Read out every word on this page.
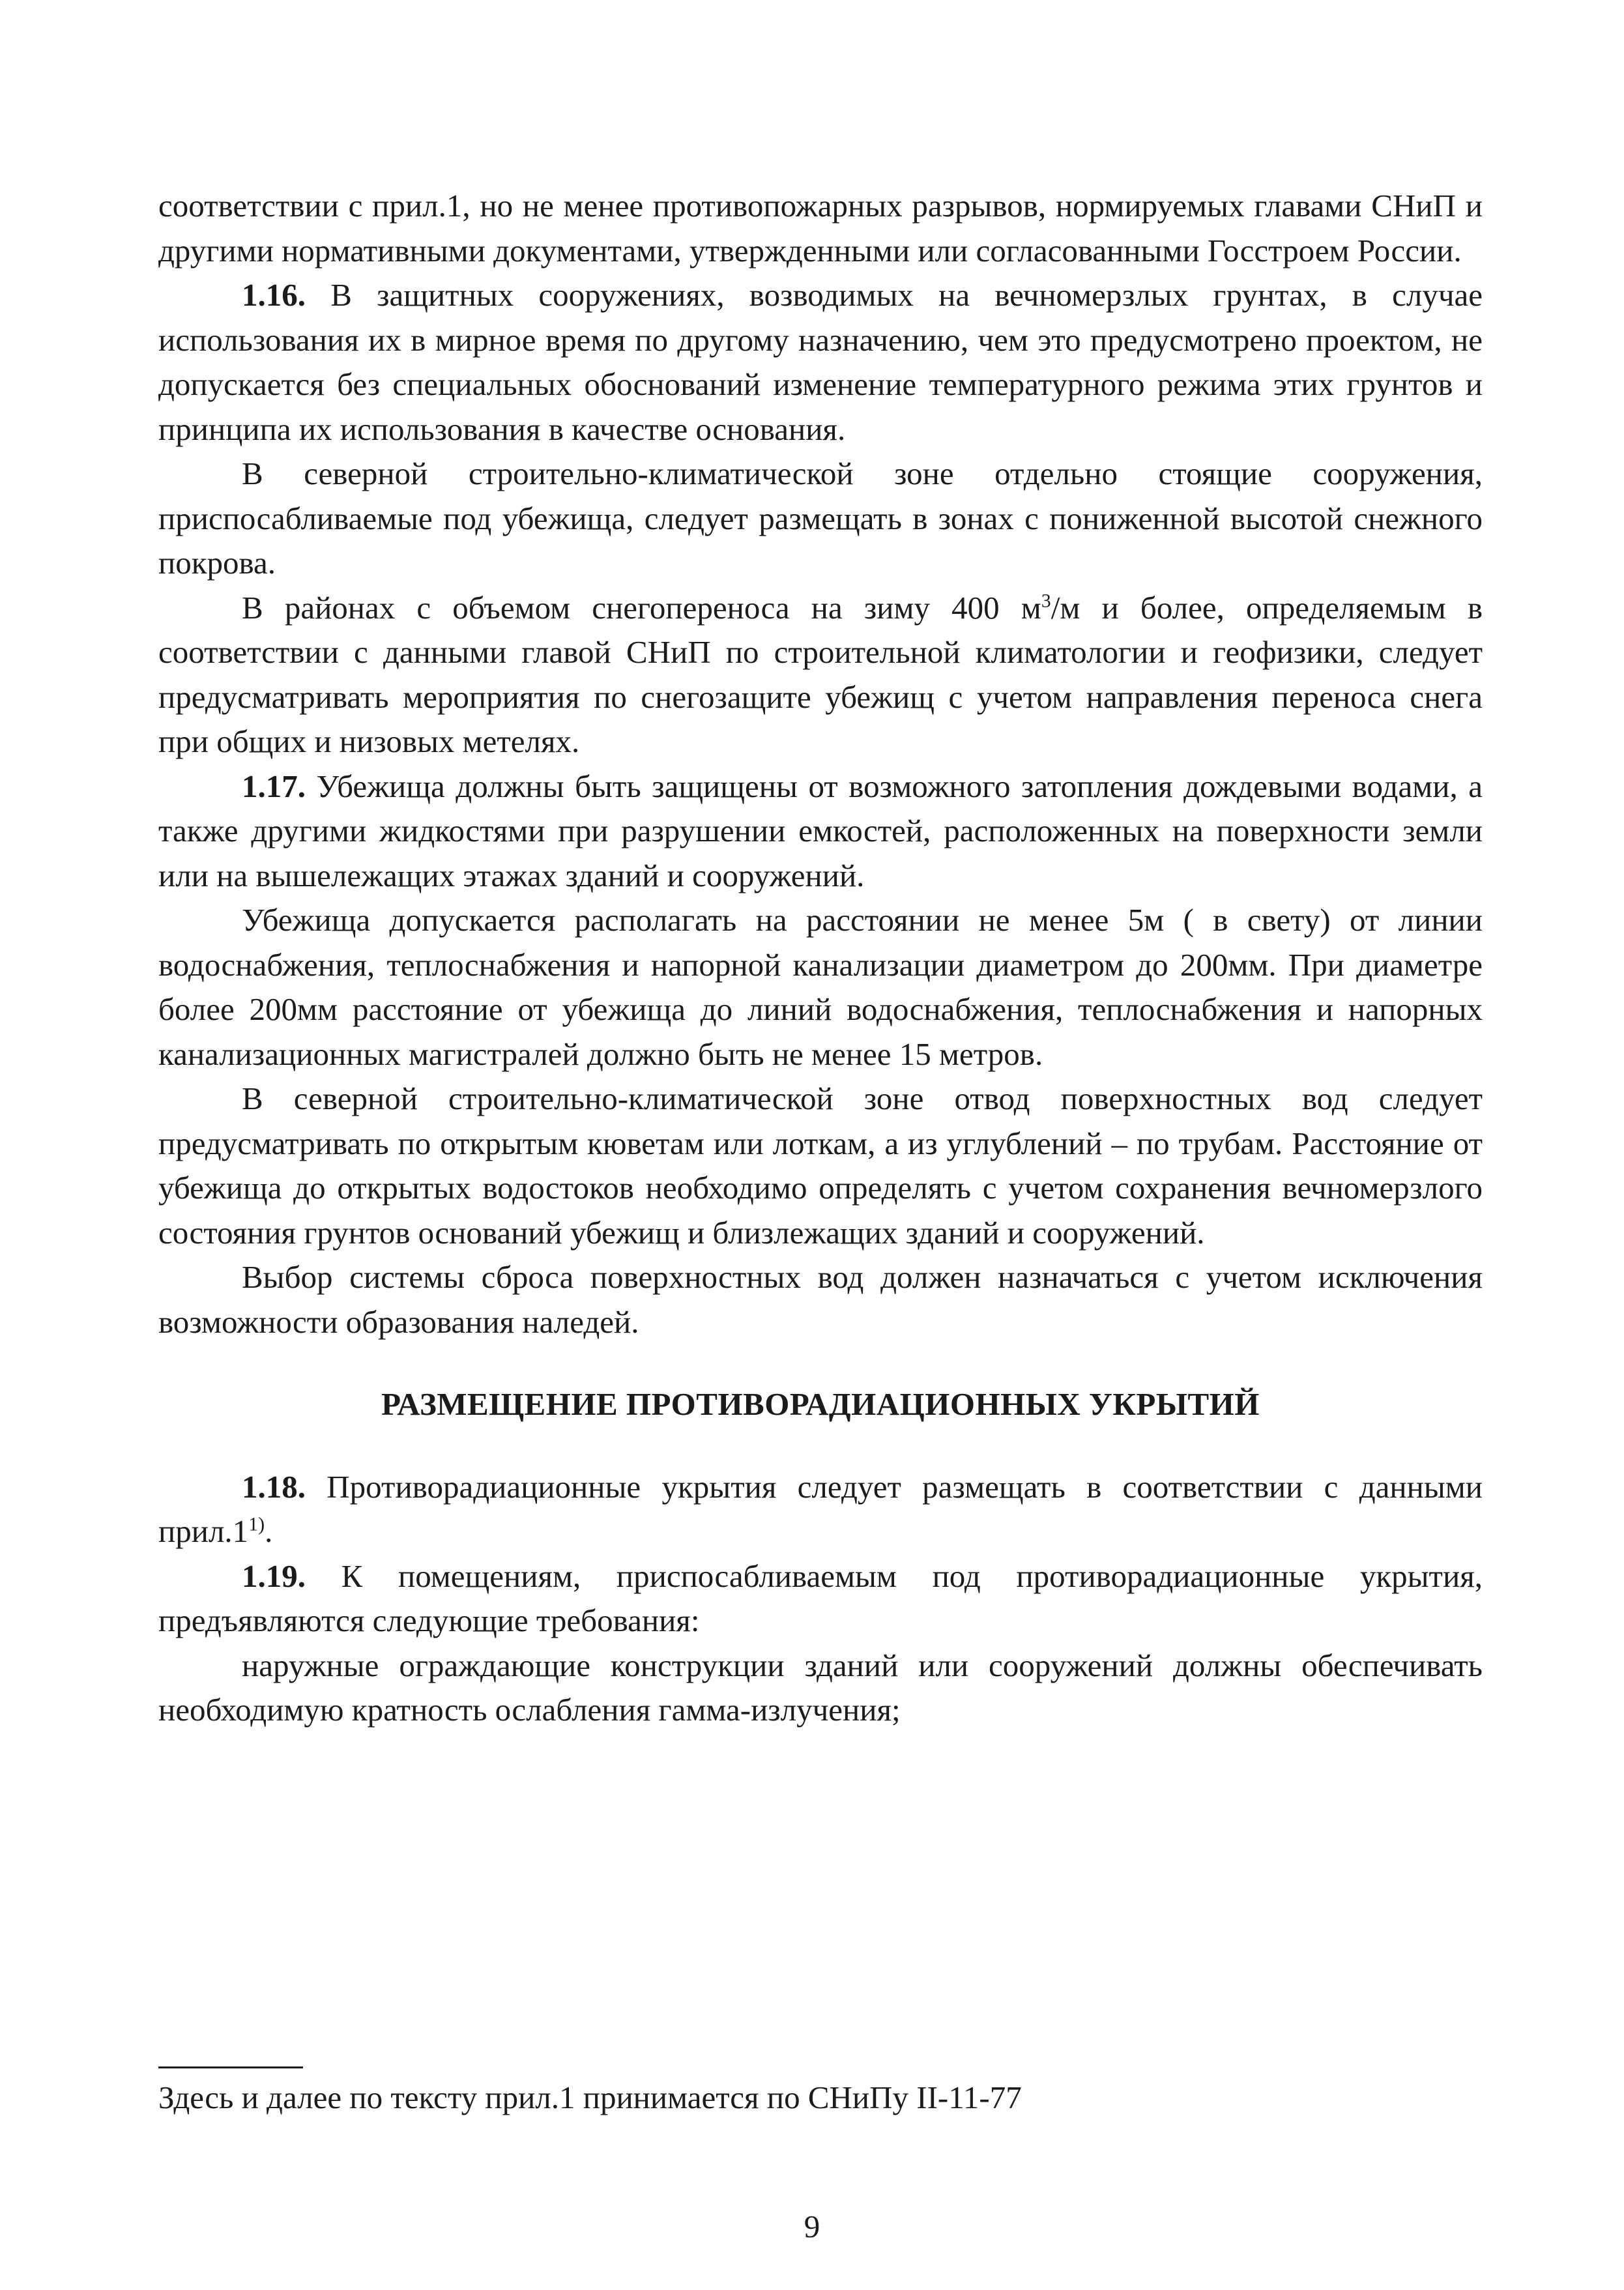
соответствии с прил.1, но не менее противопожарных разрывов, нормируемых главами СНиП и другими нормативными документами, утвержденными или согласованными Госстроем России.

1.16. В защитных сооружениях, возводимых на вечномерзлых грунтах, в случае использования их в мирное время по другому назначению, чем это предусмотрено проектом, не допускается без специальных обоснований изменение температурного режима этих грунтов и принципа их использования в качестве основания.

В северной строительно-климатической зоне отдельно стоящие сооружения, приспосабливаемые под убежища, следует размещать в зонах с пониженной высотой снежного покрова.

В районах с объемом снегопереноса на зиму 400 $м^3/м$ и более, определяемым в соответствии с данными главой СНиП по строительной климатологии и геофизики, следует предусматривать мероприятия по снегозащите убежищ с учетом направления переноса снега при общих и низовых метелях.

1.17. Убежища должны быть защищены от возможного затопления дождевыми водами, а также другими жидкостями при разрушении емкостей, расположенных на поверхности земли или на вышележащих этажах зданий и сооружений.

Убежища допускается располагать на расстоянии не менее 5м ( в свету) от линии водоснабжения, теплоснабжения и напорной канализации диаметром до 200мм. При диаметре более 200мм расстояние от убежища до линий водоснабжения, теплоснабжения и напорных канализационных магистралей должно быть не менее 15 метров.

В северной строительно-климатической зоне отвод поверхностных вод следует предусматривать по открытым кюветам или лоткам, а из углублений – по трубам. Расстояние от убежища до открытых водостоков необходимо определять с учетом сохранения вечномерзлого состояния грунтов оснований убежищ и близлежащих зданий и сооружений.

Выбор системы сброса поверхностных вод должен назначаться с учетом исключения возможности образования наледей.

РАЗМЕЩЕНИЕ ПРОТИВОРАДИАЦИОННЫХ УКРЫТИЙ

1.18. Противорадиационные укрытия следует размещать в соответствии с данными прил.1$^{1)}$.

1.19. К помещениям, приспосабливаемым под противорадиационные укрытия, предъявляются следующие требования:

наружные ограждающие конструкции зданий или сооружений должны обеспечивать необходимую кратность ослабления гамма-излучения;

Здесь и далее по тексту прил.1 принимается по СНиПу II-11-77

9
